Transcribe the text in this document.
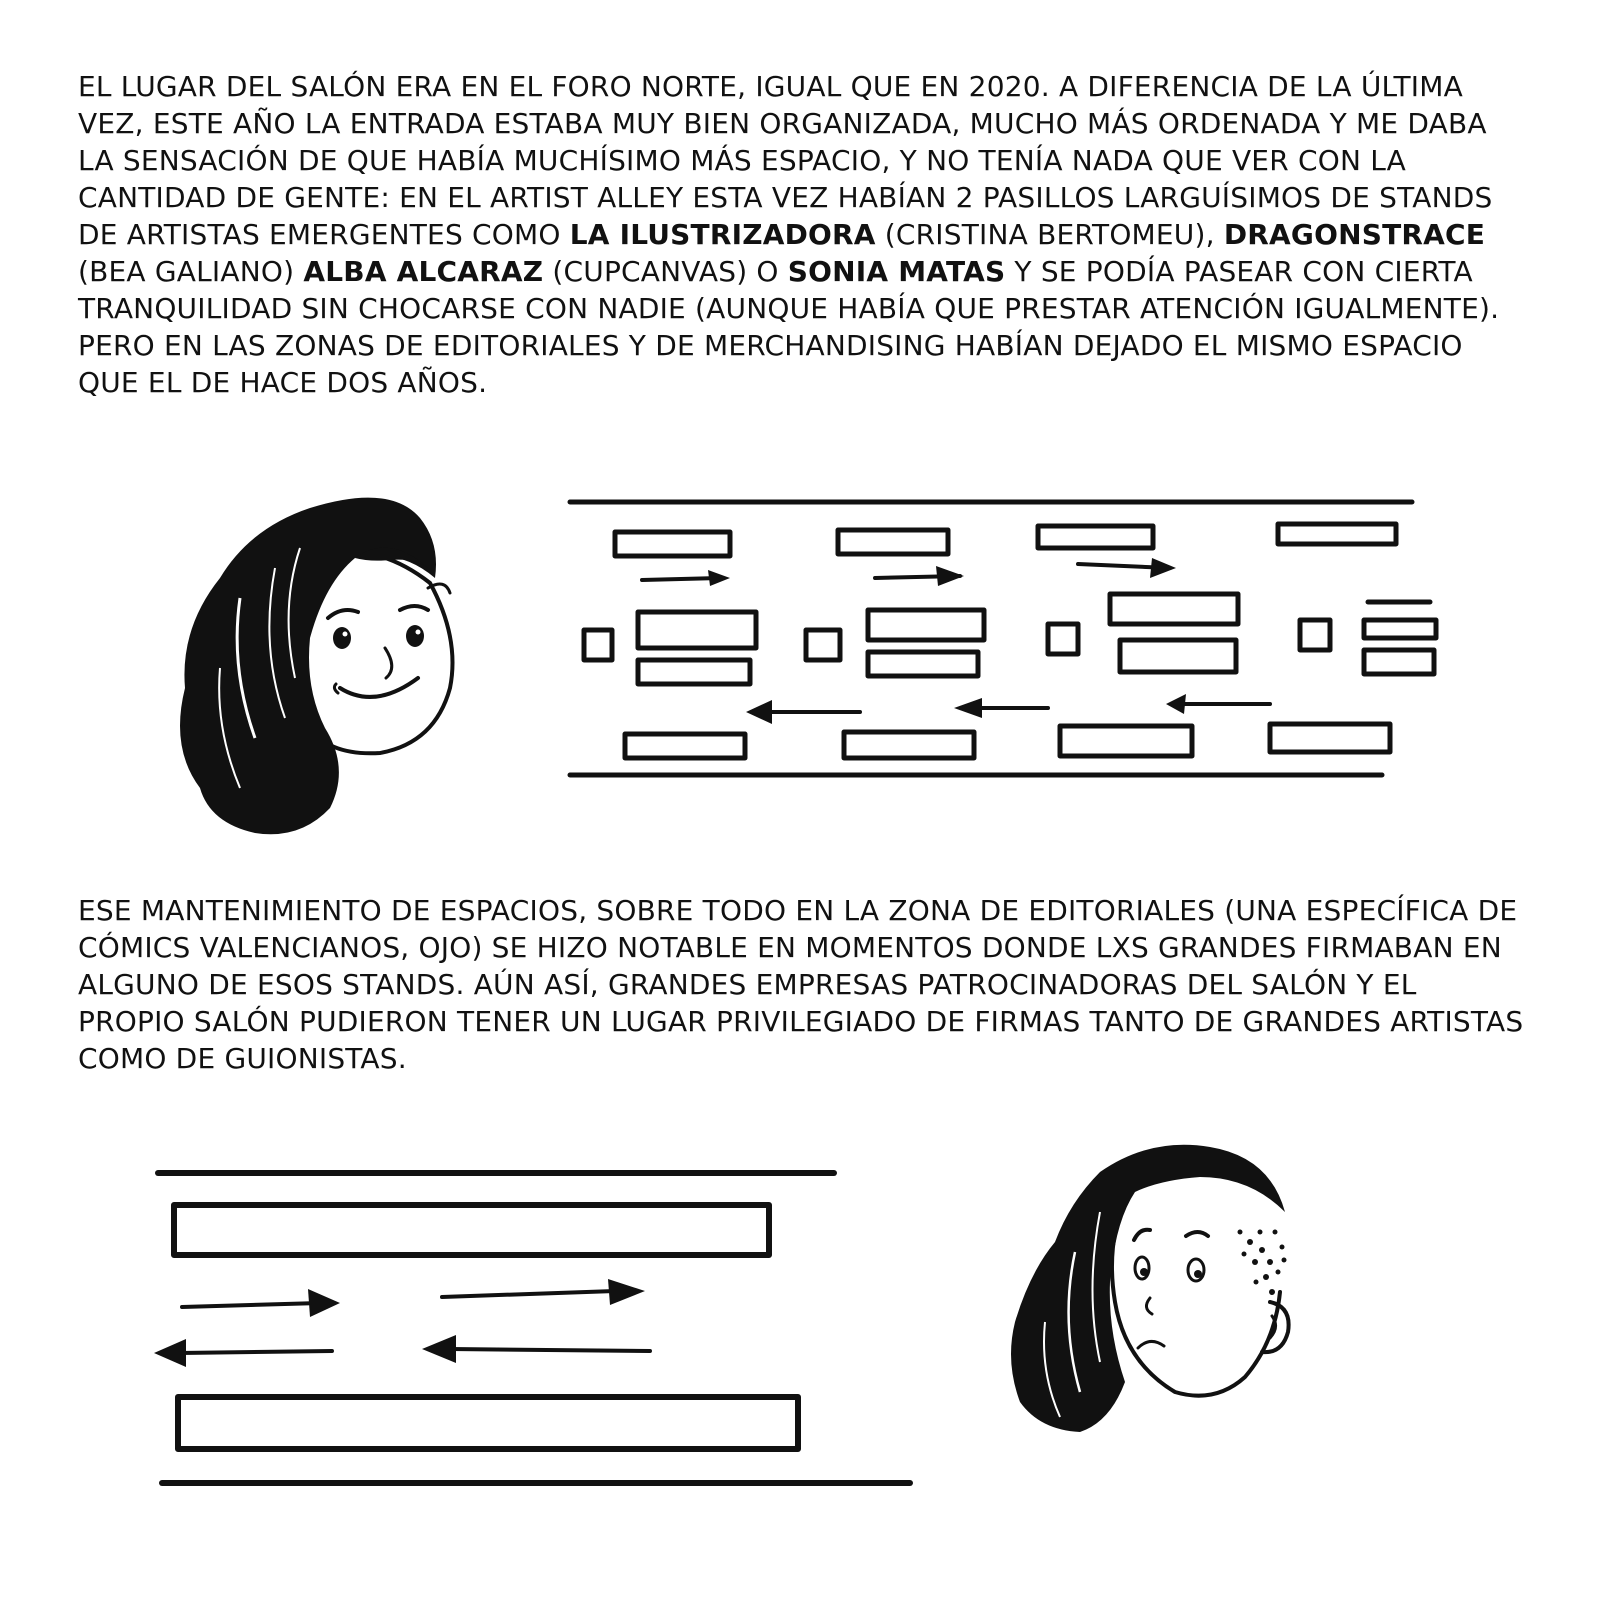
EL LUGAR DEL SALÓN ERA EN EL FORO NORTE, IGUAL QUE EN 2020. A DIFERENCIA DE LA ÚLTIMA VEZ, ESTE AÑO LA ENTRADA ESTABA MUY BIEN ORGANIZADA, MUCHO MÁS ORDENADA Y ME DABA LA SENSACIÓN DE QUE HABÍA MUCHÍSIMO MÁS ESPACIO, Y NO TENÍA NADA QUE VER CON LA CANTIDAD DE GENTE: EN EL ARTIST ALLEY ESTA VEZ HABÍAN 2 PASILLOS LARGUÍSIMOS DE STANDS DE ARTISTAS EMERGENTES COMO LA ILUSTRIZADORA (CRISTINA BERTOMEU), DRAGONSTRACE (BEA GALIANO) ALBA ALCARAZ (CUPCANVAS) O SONIA MATAS Y SE PODÍA PASEAR CON CIERTA TRANQUILIDAD SIN CHOCARSE CON NADIE (AUNQUE HABÍA QUE PRESTAR ATENCIÓN IGUALMENTE). PERO EN LAS ZONAS DE EDITORIALES Y DE MERCHANDISING HABÍAN DEJADO EL MISMO ESPACIO QUE EL DE HACE DOS AÑOS.

ESE MANTENIMIENTO DE ESPACIOS, SOBRE TODO EN LA ZONA DE EDITORIALES (UNA ESPECÍFICA DE CÓMICS VALENCIANOS, OJO) SE HIZO NOTABLE EN MOMENTOS DONDE LXS GRANDES FIRMABAN EN ALGUNO DE ESOS STANDS. AÚN ASÍ, GRANDES EMPRESAS PATROCINADORAS DEL SALÓN Y EL PROPIO SALÓN PUDIERON TENER UN LUGAR PRIVILEGIADO DE FIRMAS TANTO DE GRANDES ARTISTAS COMO DE GUIONISTAS.
